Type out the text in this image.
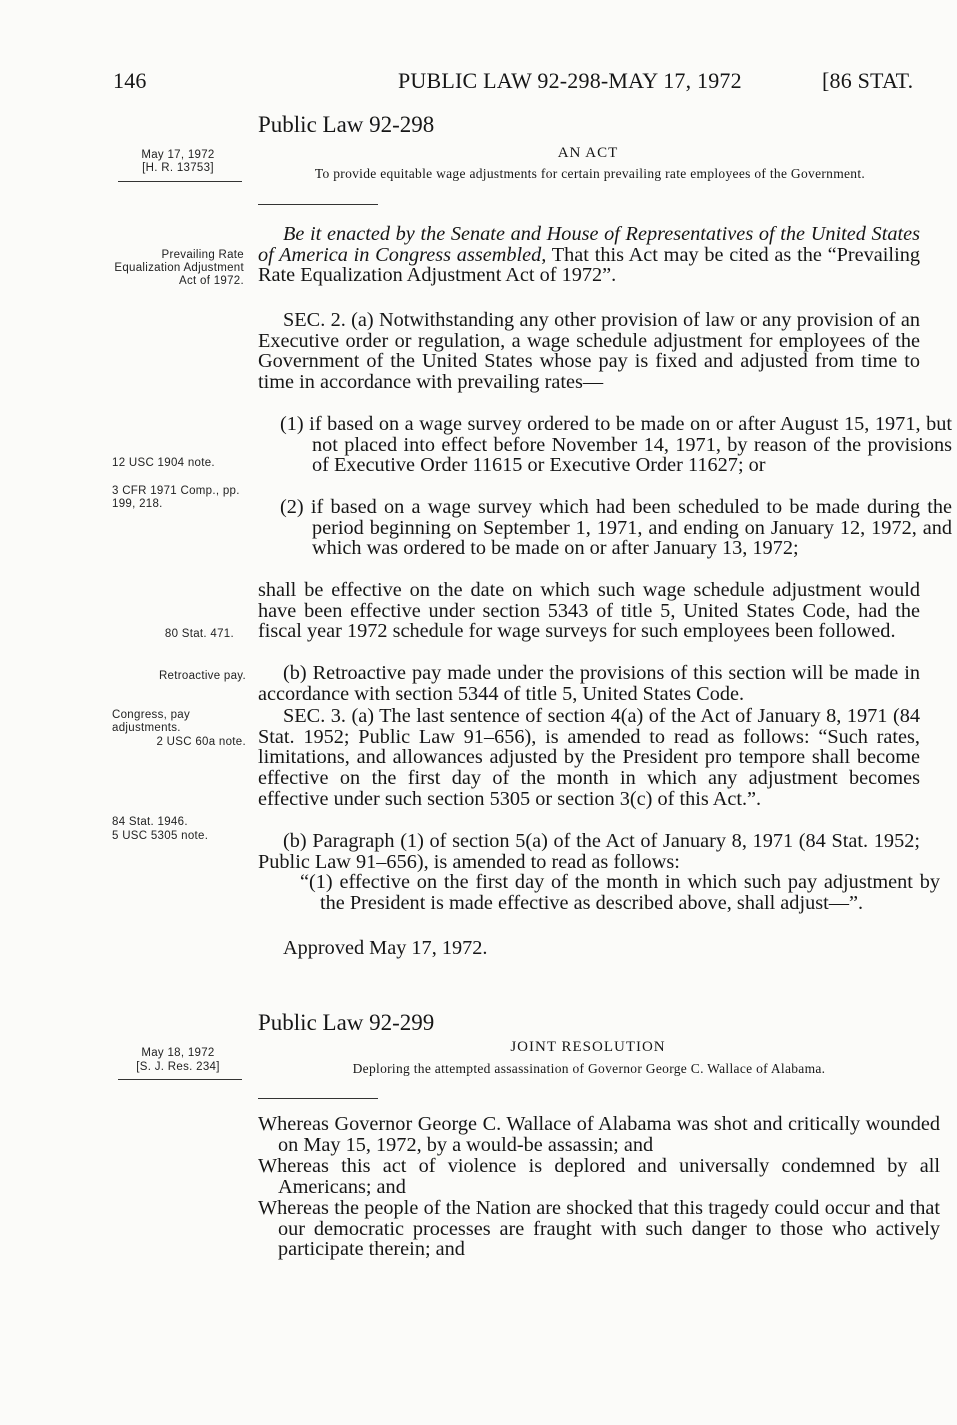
146	PUBLIC LAW 92-298-MAY 17, 1972	[86 STAT.
Public Law 92-298
AN ACT
To provide equitable wage adjustments for certain prevailing rate employees of the Government.
May 17, 1972
[H. R. 13753]
Be it enacted by the Senate and House of Representatives of the United States of America in Congress assembled, That this Act may be cited as the “Prevailing Rate Equalization Adjustment Act of 1972”.
Prevailing Rate Equalization Adjustment Act of 1972.
SEC. 2. (a) Notwithstanding any other provision of law or any provision of an Executive order or regulation, a wage schedule adjustment for employees of the Government of the United States whose pay is fixed and adjusted from time to time in accordance with prevailing rates—
(1) if based on a wage survey ordered to be made on or after August 15, 1971, but not placed into effect before November 14, 1971, by reason of the provisions of Executive Order 11615 or Executive Order 11627; or
(2) if based on a wage survey which had been scheduled to be made during the period beginning on September 1, 1971, and ending on January 12, 1972, and which was ordered to be made on or after January 13, 1972;
shall be effective on the date on which such wage schedule adjustment would have been effective under section 5343 of title 5, United States Code, had the fiscal year 1972 schedule for wage surveys for such employees been followed.
12 USC 1904 note.
3 CFR 1971 Comp., pp. 199, 218.
80 Stat. 471.
(b) Retroactive pay made under the provisions of this section will be made in accordance with section 5344 of title 5, United States Code.
Retroactive pay.
SEC. 3. (a) The last sentence of section 4(a) of the Act of January 8, 1971 (84 Stat. 1952; Public Law 91–656), is amended to read as follows: “Such rates, limitations, and allowances adjusted by the President pro tempore shall become effective on the first day of the month in which any adjustment becomes effective under such section 5305 or section 3(c) of this Act.”.
Congress, pay adjustments.
2 USC 60a note.
84 Stat. 1946.
5 USC 5305 note.	(b) Paragraph (1) of section 5(a) of the Act of January 8, 1971 (84 Stat. 1952; Public Law 91–656), is amended to read as follows:
“(1) effective on the first day of the month in which such pay adjustment by the President is made effective as described above, shall adjust—”.
Approved May 17, 1972.
Public Law 92-299
JOINT RESOLUTION
Deploring the attempted assassination of Governor George C. Wallace of Alabama.
May 18, 1972
[S. J. Res. 234]
Whereas Governor George C. Wallace of Alabama was shot and critically wounded on May 15, 1972, by a would-be assassin; and
Whereas this act of violence is deplored and universally condemned by all Americans; and
Whereas the people of the Nation are shocked that this tragedy could occur and that our democratic processes are fraught with such danger to those who actively participate therein; and
